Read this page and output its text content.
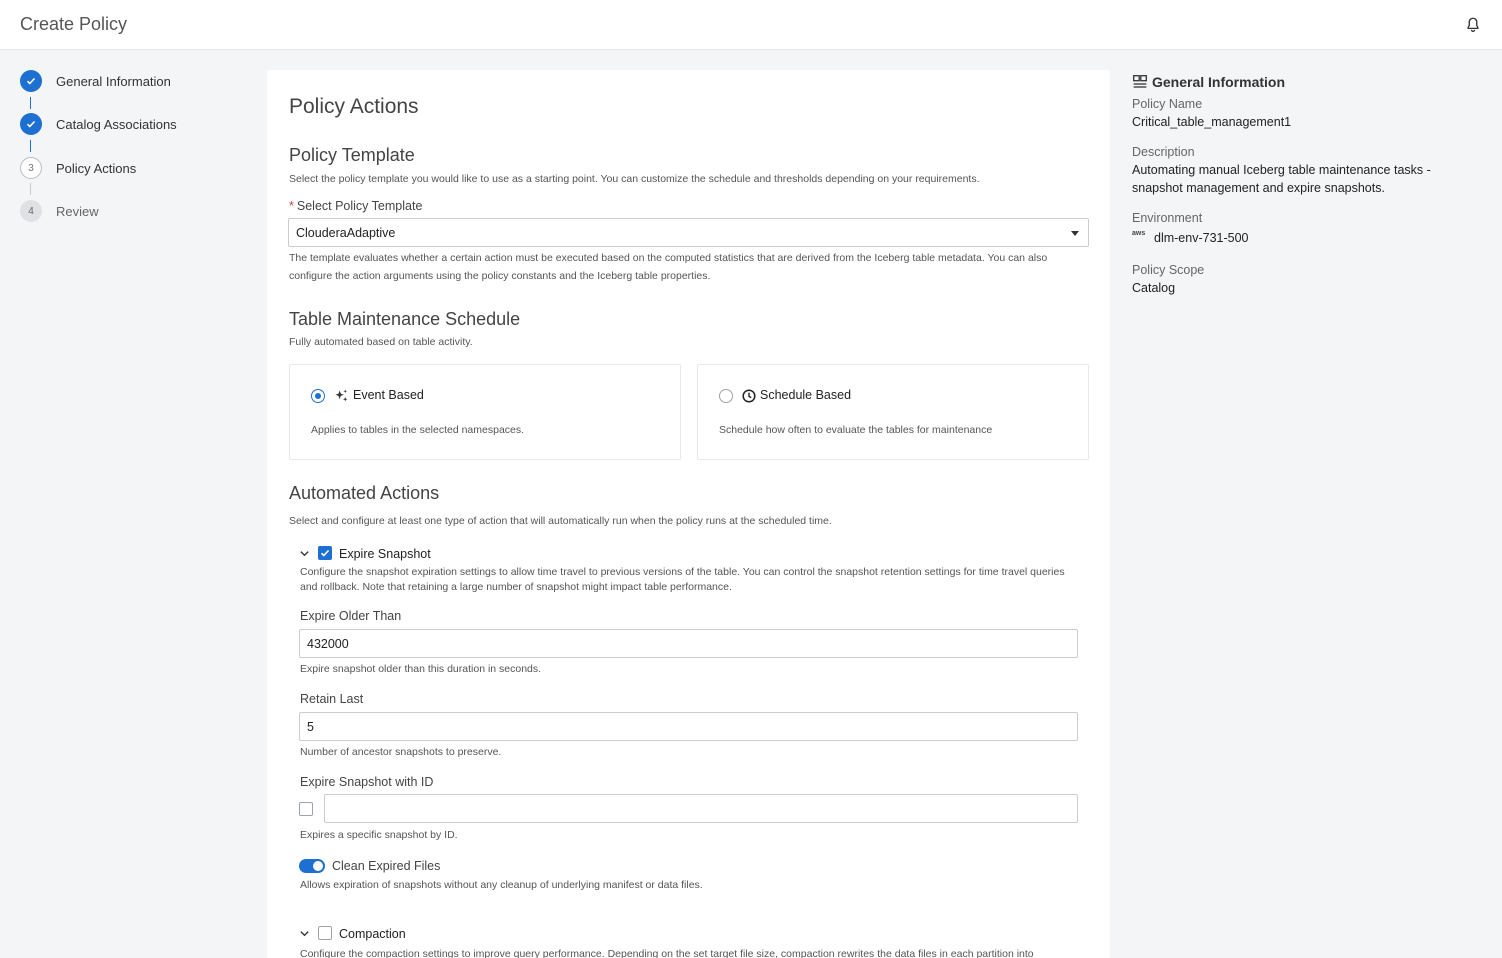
Create Policy
General Information
Catalog Associations
3	Policy Actions
4	Review
Policy Actions
Policy Template
Select the policy template you would like to use as a starting point. You can customize the schedule and thresholds depending on your requirements.
* Select Policy Template
ClouderaAdaptive
The template evaluates whether a certain action must be executed based on the computed statistics that are derived from the Iceberg table metadata. You can also configure the action arguments using the policy constants and the Iceberg table properties.
Table Maintenance Schedule
Fully automated based on table activity.
Event Based
Applies to tables in the selected namespaces.
Schedule Based
Schedule how often to evaluate the tables for maintenance
Automated Actions
Select and configure at least one type of action that will automatically run when the policy runs at the scheduled time.
Expire Snapshot
Configure the snapshot expiration settings to allow time travel to previous versions of the table. You can control the snapshot retention settings for time travel queries and rollback. Note that retaining a large number of snapshot might impact table performance.
Expire Older Than
432000
Expire snapshot older than this duration in seconds.
Retain Last
5
Number of ancestor snapshots to preserve.
Expire Snapshot with ID
Expires a specific snapshot by ID.
Clean Expired Files
Allows expiration of snapshots without any cleanup of underlying manifest or data files.
Compaction
Configure the compaction settings to improve query performance. Depending on the set target file size, compaction rewrites the data files in each partition into
General Information
Policy Name
Critical_table_management1
Description
Automating manual Iceberg table maintenance tasks - snapshot management and expire snapshots.
Environment
aws dlm-env-731-500
Policy Scope
Catalog
